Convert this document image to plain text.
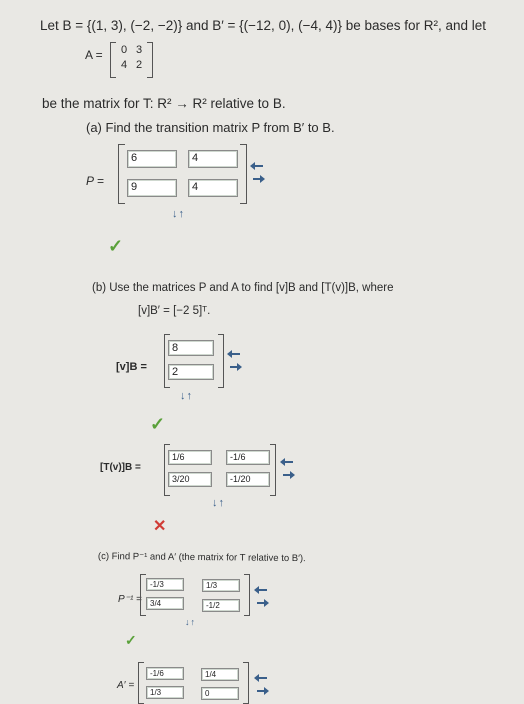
Let B = {(1, 3), (−2, −2)} and B′ = {(−12, 0), (−4, 4)} be bases for R², and let
A = 0 3
4 2
be the matrix for T: R² → R² relative to B.
(a) Find the transition matrix P from B′ to B.
P =
6	4
9	4
↓↑
✓
(b) Use the matrices P and A to find [v]B and [T(v)]B, where
[v]B′ = [−2 5]ᵀ.
[v]B =
8
2
↓↑
✓
[T(v)]B =
1/6	-1/6
3/20	-1/20
↓↑
✕
(c) Find P⁻¹ and A′ (the matrix for T relative to B′).
P⁻¹ =
-1/3	1/3
3/4	-1/2
↓↑
✓
A′ =
-1/6	1/4
1/3	0
